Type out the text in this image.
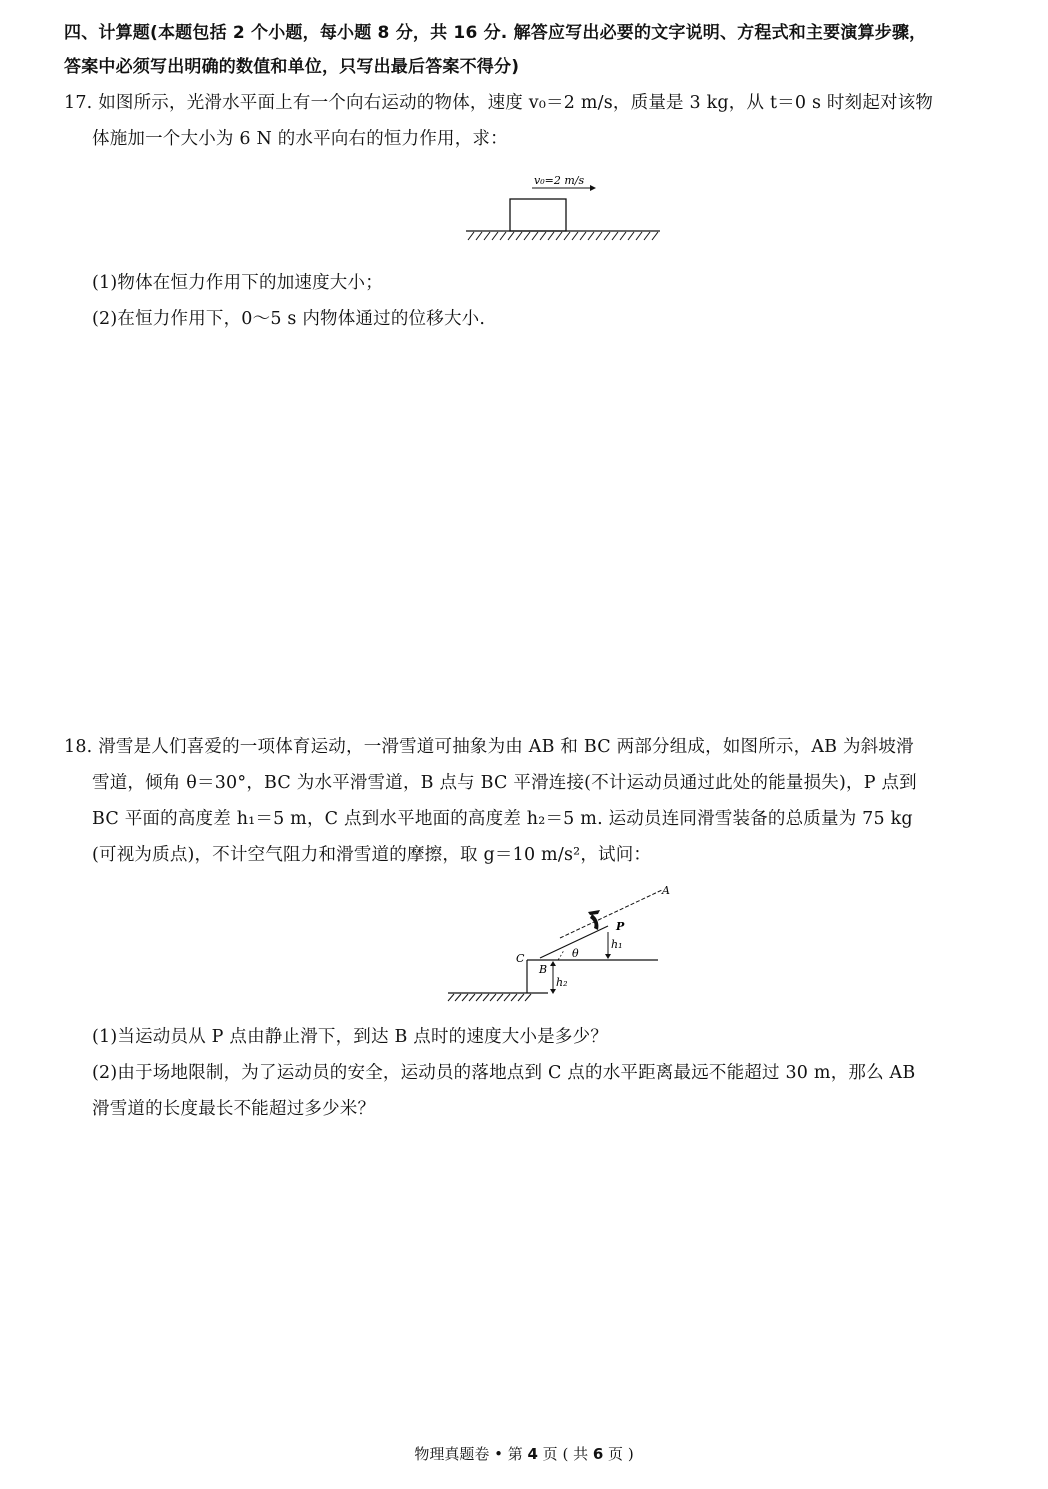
四、计算题(本题包括 2 个小题，每小题 8 分，共 16 分. 解答应写出必要的文字说明、方程式和主要演算步骤，
答案中必须写出明确的数值和单位，只写出最后答案不得分)
17. 如图所示，光滑水平面上有一个向右运动的物体，速度 v₀＝2 m/s，质量是 3 kg，从 t＝0 s 时刻起对该物
体施加一个大小为 6 N 的水平向右的恒力作用，求：
v₀=2 m/s
(1)物体在恒力作用下的加速度大小；
(2)在恒力作用下，0～5 s 内物体通过的位移大小.
18. 滑雪是人们喜爱的一项体育运动，一滑雪道可抽象为由 AB 和 BC 两部分组成，如图所示，AB 为斜坡滑
雪道，倾角 θ＝30°，BC 为水平滑雪道，B 点与 BC 平滑连接(不计运动员通过此处的能量损失)，P 点到
BC 平面的高度差 h₁＝5 m，C 点到水平地面的高度差 h₂＝5 m. 运动员连同滑雪装备的总质量为 75 kg
(可视为质点)，不计空气阻力和滑雪道的摩擦，取 g＝10 m/s²，试问：
A
P
h₁
θ
C
B
h₂
(1)当运动员从 P 点由静止滑下，到达 B 点时的速度大小是多少？
(2)由于场地限制，为了运动员的安全，运动员的落地点到 C 点的水平距离最远不能超过 30 m，那么 AB
滑雪道的长度最长不能超过多少米？
物理真题卷 • 第 4 页 ( 共 6 页 )
